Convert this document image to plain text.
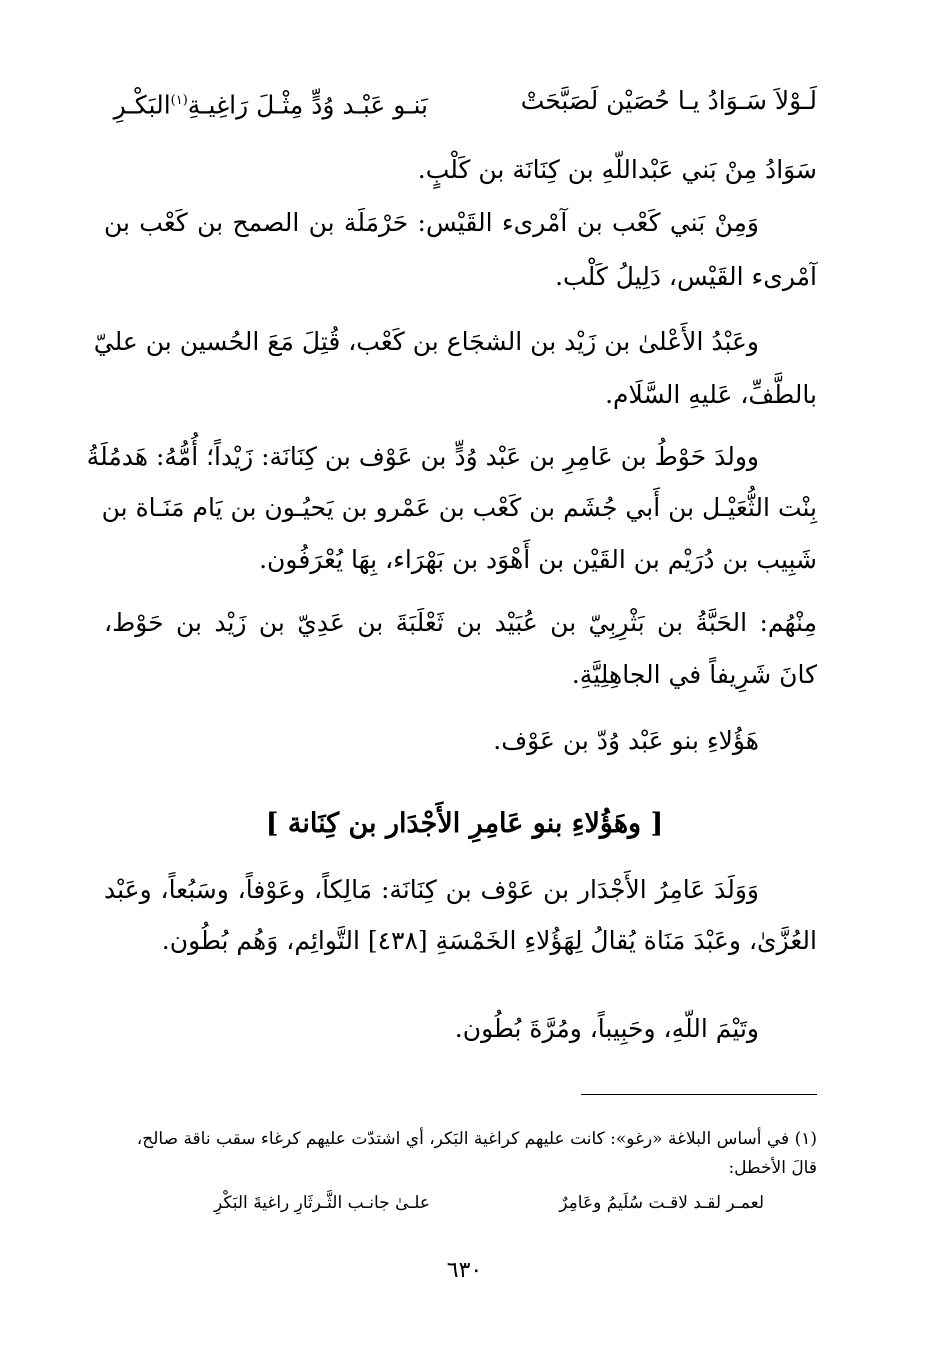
لَـوْلاَ سَـوَادُ يـا حُصَيْن لَصَبَّحَتْ
بَنـو عَبْـد وُدٍّ مِثْـلَ رَاغِيـةِ$^{(١)}$البَكْـرِ
سَوَادُ مِنْ بَني عَبْداللّهِ بن كِنَانَة بن كَلْبٍ.
وَمِنْ بَني كَعْب بن آمْرىء القَيْس: حَرْمَلَة بن الصمح بن كَعْب بن
آمْرىء القَيْس، دَلِيلُ كَلْب.
وعَبْدُ الأَعْلىٰ بن زَيْد بن الشجَاع بن كَعْب، قُتِلَ مَعَ الحُسين بن عليّ
بالطَّفِّ، عَليهِ السَّلَام.
وولدَ حَوْطُ بن عَامِرِ بن عَبْد وُدٍّ بن عَوْف بن كِنَانَة: زَيْداً؛ أُمُّهُ: هَدمُلَةُ
بِنْت الثُّعَيْـل بن أَبي جُشَم بن كَعْب بن عَمْرو بن يَحيُـون بن يَام مَنَـاة بن
شَبِيب بن دُرَيْم بن القَيْن بن أَهْوَد بن بَهْرَاء، بِهَا يُعْرَفُون.
مِنْهُم: الحَبَّةُ بن بَثْرِبِيّ بن عُبَيْد بن ثَعْلَبَةَ بن عَدِيّ بن زَيْد بن حَوْط،
كانَ شَرِيفاً في الجاهِلِيَّةِ.
هَؤُلاءِ بنو عَبْد وُدّ بن عَوْف.
[ وهَؤُلاءِ بنو عَامِرِ الأَجْدَار بن كِنَانة ]
وَوَلَدَ عَامِرُ الأَجْدَار بن عَوْف بن كِنَانَة: مَالِكاً، وعَوْفاً، وسَبُعاً، وعَبْد
العُزَّىٰ، وعَبْدَ مَنَاة يُقالُ لِهَؤُلاءِ الخَمْسَةِ [٤٣٨] التَّوائِم، وَهُم بُطُون.
وتَيْمَ اللّهِ، وحَبِيباً، ومُرَّةَ بُطُون.
(١) في أساس البلاغة «رغو»: كانت عليهم كراغية البَكر، أي اشتدّت عليهم كرغاء سقب ناقة صالح،
قالَ الأخطل:
لعمـر لقـد لاقـت سُلَيمُ وعَامِرٌ
علـىٰ جانـب الثَّـرثَارِ راغيةَ البَكْرِ
٦٣٠
